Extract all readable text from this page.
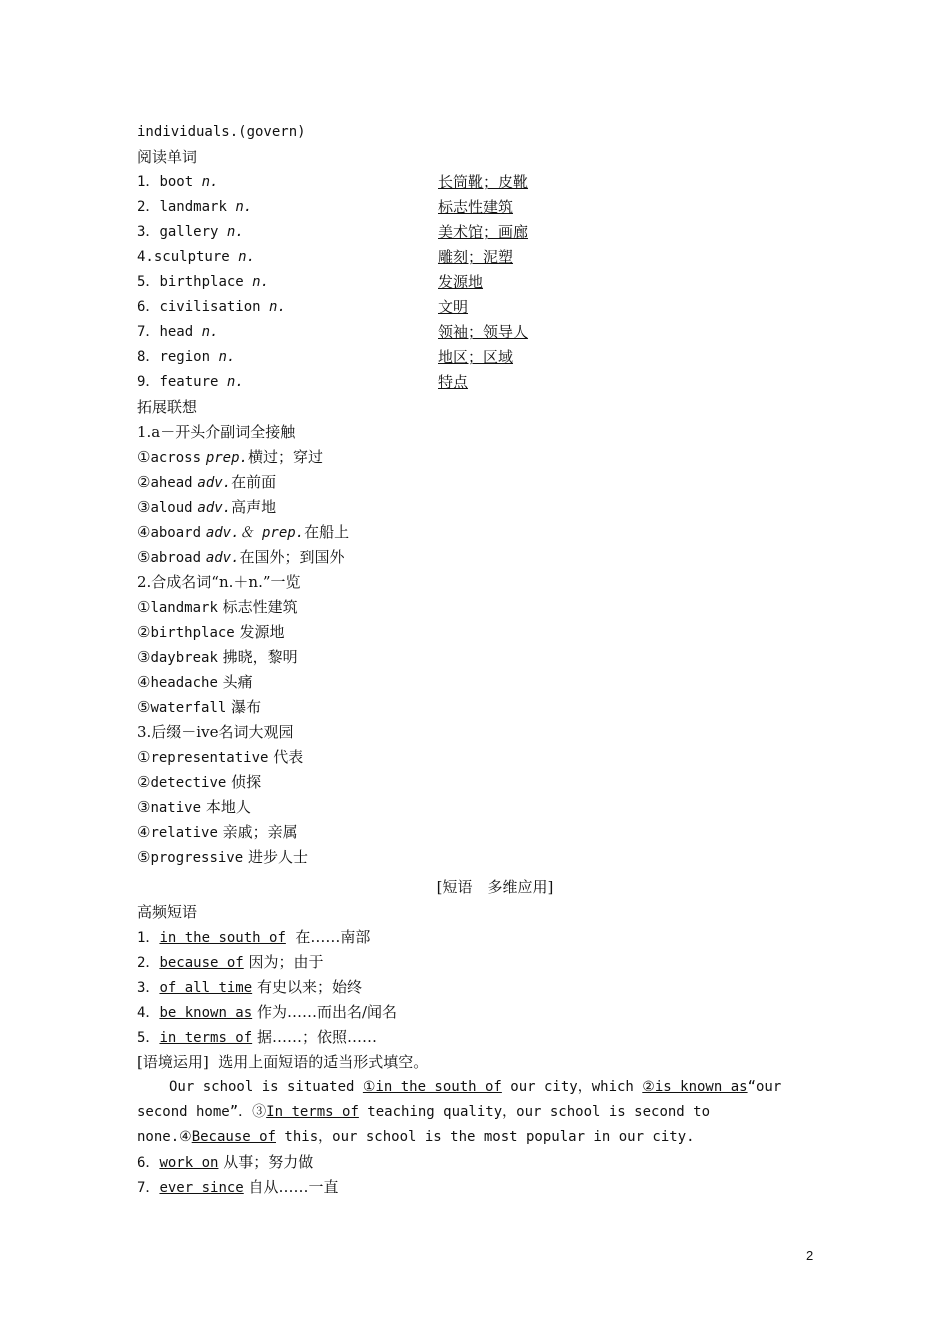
individuals.(govern)
阅读单词
1．boot n.	长筒靴；皮靴
2．landmark n.	标志性建筑
3．gallery n.	美术馆；画廊
4.sculpture n.	雕刻；泥塑
5．birthplace n.	发源地
6．civilisation n.	文明
7．head n.	领袖；领导人
8．region n.	地区；区域
9．feature n.	特点
拓展联想
1.a－开头介副词全接触
①across prep.横过；穿过
②ahead adv.在前面
③aloud adv.高声地
④aboard adv.＆ prep.在船上
⑤abroad adv.在国外；到国外
2.合成名词“n.＋n.”一览
①landmark 标志性建筑
②birthplace 发源地
③daybreak 拂晓，黎明
④headache 头痛
⑤waterfall 瀑布
3.后缀－ive名词大观园
①representative 代表
②detective 侦探
③native 本地人
④relative 亲戚；亲属
⑤progressive 进步人士
[短语　多维应用]
高频短语
1．in the south of 在……南部
2．because of 因为；由于
3．of all time 有史以来；始终
4．be known as 作为……而出名/闻名
5．in terms of 据……；依照……
[语境运用] 选用上面短语的适当形式填空。
Our school is situated ①in the south of our city，which ②is known as“our
second home”．③In terms of teaching quality，our school is second to
none.④Because of this，our school is the most popular in our city.
6．work on 从事；努力做
7．ever since 自从……一直
2
